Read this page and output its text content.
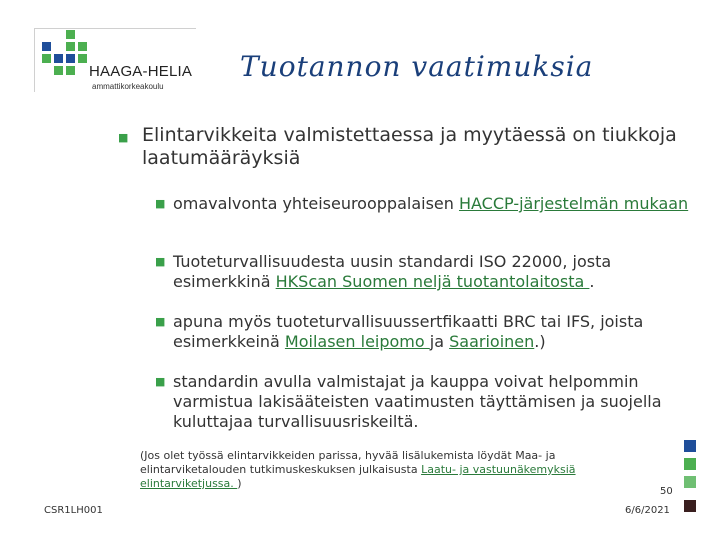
HAAGA-HELIA
ammattikorkeakoulu
Tuotannon vaatimuksia
■ Elintarvikkeita valmistettaessa ja myytäessä on tiukkoja laatumääräyksiä
■ omavalvonta yhteiseurooppalaisen HACCP-järjestelmän mukaan
■ Tuoteturvallisuudesta uusin standardi ISO 22000, josta esimerkkinä HKScan Suomen neljä tuotantolaitosta .
■ apuna myös tuoteturvallisuussertfikaatti BRC tai IFS, joista esimerkkeinä Moilasen leipomo ja Saarioinen.)
■ standardin avulla valmistajat ja kauppa voivat helpommin varmistua lakisääteisten vaatimusten täyttämisen ja suojella kuluttajaa turvallisuusriskeiltä.
(Jos olet työssä elintarvikkeiden parissa, hyvää lisälukemista löydät Maa- ja elintarviketalouden tutkimuskeskuksen julkaisusta Laatu- ja vastuunäkemyksiä elintarviketjussa. )
CSR1LH001
50
6/6/2021
